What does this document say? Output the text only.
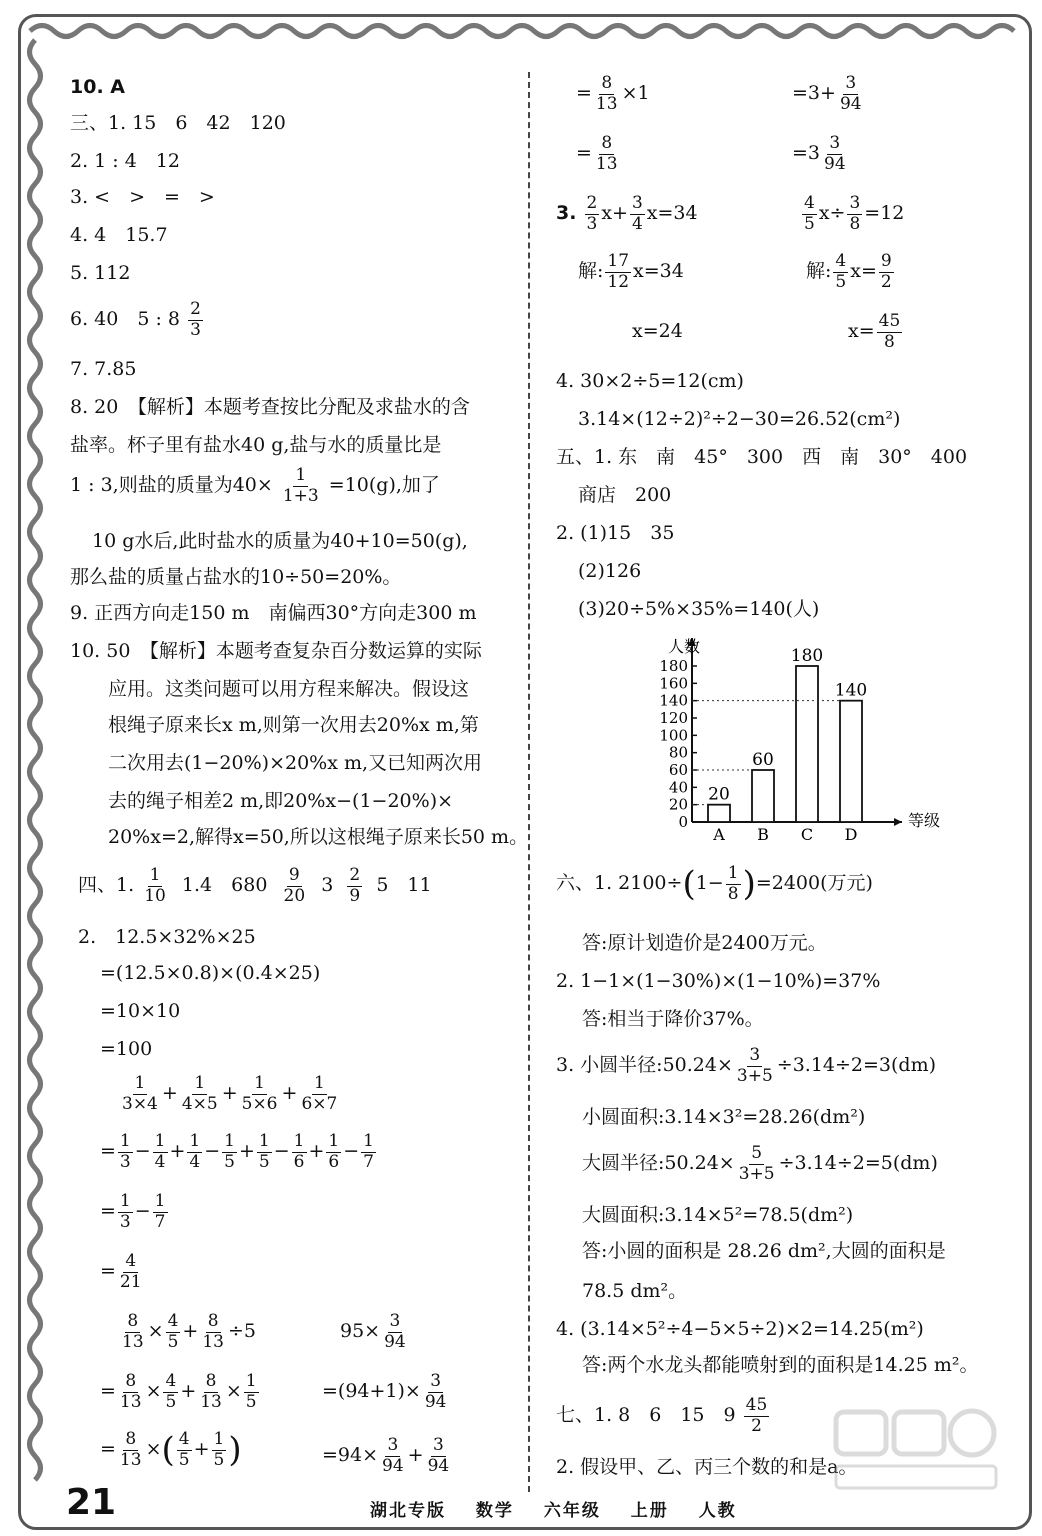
10. A
三、1. 15　6　42　120
2. 1 : 4　12
3. <　>　=　>
4. 4　15.7
5. 112
6. 40　5 : $8 \frac{2}{3}$
7. 7.85
8. 20　【解析】本题考查按比分配及求盐水的含
盐率。杯子里有盐水40 g,盐与水的质量比是
1 : 3,则盐的质量为$40\times \frac{1}{1+3} =10(g)$,加了
10 g水后,此时盐水的质量为40+10=50(g),
那么盐的质量占盐水的10÷50=20%。
9. 正西方向走150 m　南偏西30°方向走300 m
10. 50　【解析】本题考查复杂百分数运算的实际
应用。这类问题可以用方程来解决。假设这
根绳子原来长x m,则第一次用去20%x m,第
二次用去(1−20%)×20%x m,又已知两次用
去的绳子相差2 m,即20%x−(1−20%)×
20%x=2,解得x=50,所以这根绳子原来长50 m。
四、1. $\frac{1}{10} 1.4$　$680 \frac{9}{20} 3 \frac{2}{9} 5$　11
2.　12.5×32%×25
=(12.5×0.8)×(0.4×25)
=10×10
=100
$\frac{1}{3\times 4} + \frac{1}{4\times 5} + \frac{1}{5\times 6} + \frac{1}{6\times 7}$
= $\frac{1}{3} - \frac{1}{4} + \frac{1}{4} - \frac{1}{5} + \frac{1}{5} - \frac{1}{6} + \frac{1}{6} - \frac{1}{7}$
= $\frac{1}{3} - \frac{1}{7}$
= $\frac{4}{21}$
$\frac{8}{13} \times \frac{4}{5} + \frac{8}{13} \div 5$	$95\times \frac{3}{94}$
= $\frac{8}{13} \times \frac{4}{5} + \frac{8}{13} \times \frac{1}{5}$	$=(94+1)\times \frac{3}{94}$
= $\frac{8}{13}$ ×( $\frac{4}{5} + \frac{1}{5}$ )	$=94\times \frac{3}{94} + \frac{3}{94}$
= $\frac{8}{13} \times 1$	$=3+ \frac{3}{94}$
= $\frac{8}{13}$	$=3 \frac{3}{94}$
3. $\frac{2}{3} x+ \frac{3}{4} x=34$	$\frac{4}{5} x\div \frac{3}{8} =12$
解: $\frac{17}{12} x=34$	解: $\frac{4}{5} x= \frac{9}{2}$
x=24	$x= \frac{45}{8}$
4. 30×2÷5=12(cm)
3.14×(12÷2)²÷2−30=26.52(cm²)
五、1. 东　南　45°　300　西　南　30°　400
商店　200
2. (1)15　35
(2)126
(3)20÷5%×35%=140(人)
0
20
40
60
80
100
120
140
160
180
人数
等级
20
A
60
B
180
C
140
D
六、1. $2100\div(1- \frac{1}{8} )=2400$(万元)
答:原计划造价是2400万元。
2. 1−1×(1−30%)×(1−10%)=37%
答:相当于降价37%。
3. 小圆半径:50.24× $\frac{3}{3+5} \div 3.14\div 2=3(dm)$
小圆面积:3.14×3²=28.26(dm²)
大圆半径:50.24× $\frac{5}{3+5} \div 3.14\div 2=5(dm)$
大圆面积:3.14×5²=78.5(dm²)
答:小圆的面积是 28.26 dm²,大圆的面积是
78.5 dm²。
4. (3.14×5²÷4−5×5÷2)×2=14.25(m²)
答:两个水龙头都能喷射到的面积是14.25 m²。
七、1. 8　6　15　$9 \frac{45}{2}$
2. 假设甲、乙、丙三个数的和是a。
21	湖北专版 数学 六年级 上册 人教
